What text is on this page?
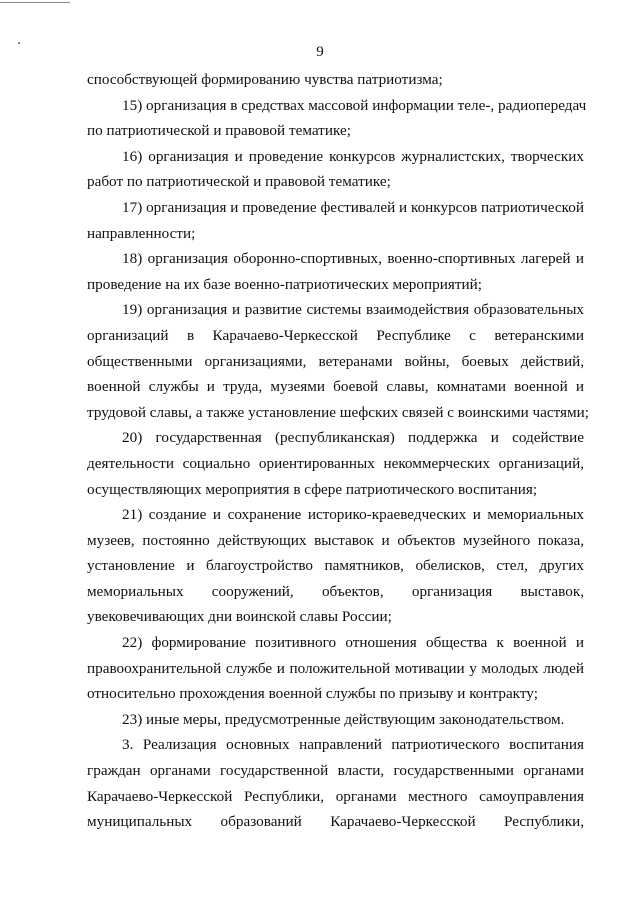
9
способствующей формированию чувства патриотизма;
15) организация в средствах массовой информации теле-, радиопередач
по патриотической и правовой тематике;
16) организация и проведение конкурсов журналистских, творческих
работ по патриотической и правовой тематике;
17) организация и проведение фестивалей и конкурсов патриотической
направленности;
18) организация оборонно-спортивных, военно-спортивных лагерей и
проведение на их базе военно-патриотических мероприятий;
19) организация и развитие системы взаимодействия образовательных
организаций в Карачаево-Черкесской Республике с ветеранскими
общественными организациями, ветеранами войны, боевых действий,
военной службы и труда, музеями боевой славы, комнатами военной и
трудовой славы, а также установление шефских связей с воинскими частями;
20) государственная (республиканская) поддержка и содействие
деятельности социально ориентированных некоммерческих организаций,
осуществляющих мероприятия в сфере патриотического воспитания;
21) создание и сохранение историко-краеведческих и мемориальных
музеев, постоянно действующих выставок и объектов музейного показа,
установление и благоустройство памятников, обелисков, стел, других
мемориальных сооружений, объектов, организация выставок,
увековечивающих дни воинской славы России;
22) формирование позитивного отношения общества к военной и
правоохранительной службе и положительной мотивации у молодых людей
относительно прохождения военной службы по призыву и контракту;
23) иные меры, предусмотренные действующим законодательством.
3. Реализация основных направлений патриотического воспитания
граждан органами государственной власти, государственными органами
Карачаево-Черкесской Республики, органами местного самоуправления
муниципальных образований Карачаево-Черкесской Республики,
